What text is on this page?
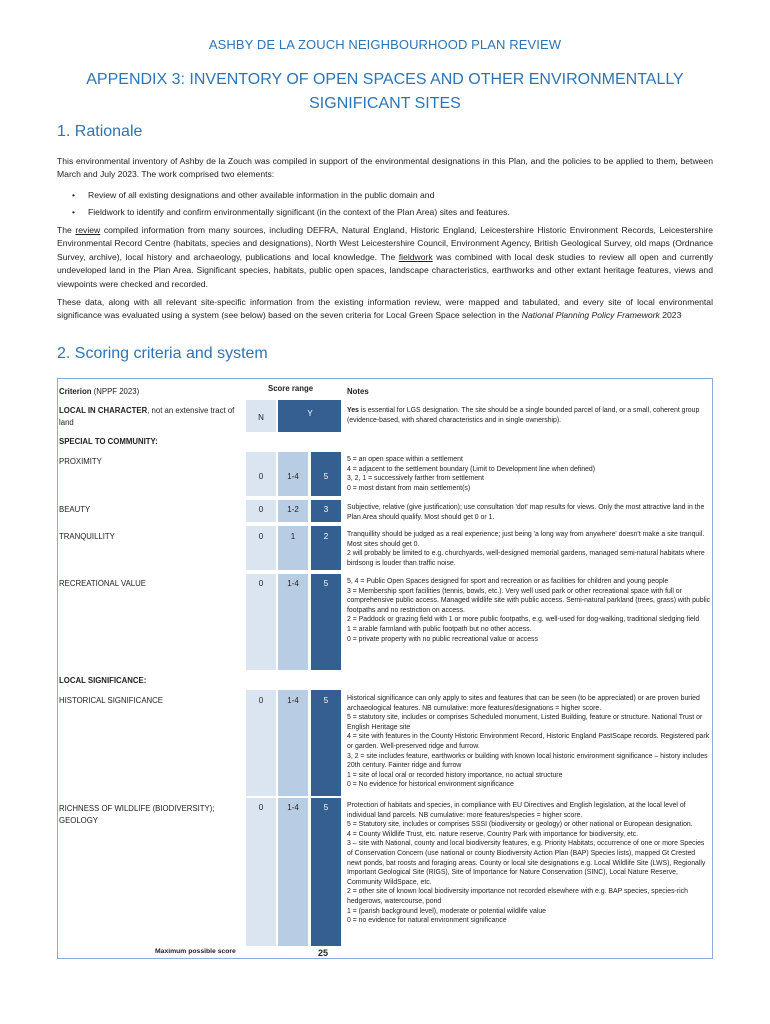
ASHBY DE LA ZOUCH NEIGHBOURHOOD PLAN REVIEW
APPENDIX 3: INVENTORY OF OPEN SPACES AND OTHER ENVIRONMENTALLY SIGNIFICANT SITES
1. Rationale
This environmental inventory of Ashby de la Zouch was compiled in support of the environmental designations in this Plan, and the policies to be applied to them, between March and July 2023. The work comprised two elements:
• Review of all existing designations and other available information in the public domain and
• Fieldwork to identify and confirm environmentally significant (in the context of the Plan Area) sites and features.
The review compiled information from many sources, including DEFRA, Natural England, Historic England, Leicestershire Historic Environment Records, Leicestershire Environmental Record Centre (habitats, species and designations), North West Leicestershire Council, Environment Agency, British Geological Survey, old maps (Ordnance Survey, archive), local history and archaeology, publications and local knowledge. The fieldwork was combined with local desk studies to review all open and currently undeveloped land in the Plan Area. Significant species, habitats, public open spaces, landscape characteristics, earthworks and other extant heritage features, views and viewpoints were checked and recorded.
These data, along with all relevant site-specific information from the existing information review, were mapped and tabulated, and every site of local environmental significance was evaluated using a system (see below) based on the seven criteria for Local Green Space selection in the National Planning Policy Framework 2023
2. Scoring criteria and system
Criterion (NPPF 2023)	Score range	Notes
LOCAL IN CHARACTER, not an extensive tract of land
N	Y	Yes is essential for LGS designation. The site should be a single bounded parcel of land, or a small, coherent group (evidence-based, with shared characteristics and in single ownership).
SPECIAL TO COMMUNITY:
PROXIMITY
0	1-4	5
5 = an open space within a settlement
4 = adjacent to the settlement boundary (Limit to Development line when defined)
3, 2, 1 = successively farther from settlement
0 = most distant from main settlement(s)
BEAUTY	0	1-2	3	Subjective, relative (give justification); use consultation 'dot' map results for views. Only the most attractive land in the Plan Area should qualify. Most should get 0 or 1.
TRANQUILLITY	0	1	2	Tranquillity should be judged as a real experience; just being 'a long way from anywhere' doesn't make a site tranquil. Most sites should get 0.
2 will probably be limited to e.g. churchyards, well-designed memorial gardens, managed semi-natural habitats where birdsong is louder than traffic noise.
RECREATIONAL VALUE	0	1-4	5	5, 4 = Public Open Spaces designed for sport and recreation or as facilities for children and young people
3 = Membership sport facilities (tennis, bowls, etc.). Very well used park or other recreational space with full or comprehensive public access. Managed wildlife site with public access. Semi-natural parkland (trees, grass) with public footpaths and no restriction on access.
2 = Paddock or grazing field with 1 or more public footpaths, e.g. well-used for dog-walking, traditional sledging field
1 = arable farmland with public footpath but no other access.
0 = private property with no public recreational value or access
LOCAL SIGNIFICANCE:
HISTORICAL SIGNIFICANCE	0	1-4	5	Historical significance can only apply to sites and features that can be seen (to be appreciated) or are proven buried archaeological features. NB cumulative: more features/designations = higher score.
5 = statutory site, includes or comprises Scheduled monument, Listed Building, feature or structure. National Trust or English Heritage site
4 = site with features in the County Historic Environment Record, Historic England PastScape records. Registered park or garden. Well-preserved ridge and furrow.
3, 2 = site includes feature, earthworks or building with known local historic environment significance – history includes 20th century. Fainter ridge and furrow
1 = site of local oral or recorded history importance, no actual structure
0 = No evidence for historical environment significance
RICHNESS OF WILDLIFE (BIODIVERSITY); GEOLOGY
0	1-4	5	Protection of habitats and species, in compliance with EU Directives and English legislation, at the local level of individual land parcels. NB cumulative: more features/species = higher score.
5 = Statutory site, includes or comprises SSSI (biodiversity or geology) or other national or European designation.
4 = County Wildlife Trust, etc. nature reserve, Country Park with importance for biodiversity, etc.
3 – site with National, county and local biodiversity features, e.g. Priority Habitats, occurrence of one or more Species of Conservation Concern (use national or county Biodiversity Action Plan (BAP) Species lists), mapped Gt Crested newt ponds, bat roosts and foraging areas. County or local site designations e.g. Local Wildlife Site (LWS), Regionally Important Geological Site (RIGS), Site of Importance for Nature Conservation (SINC), Local Nature Reserve, Community WildSpace, etc.
2 = other site of known local biodiversity importance not recorded elsewhere with e.g. BAP species, species-rich hedgerows, watercourse, pond
1 = (parish background level), moderate or potential wildlife value
0 = no evidence for natural environment significance
Maximum possible score	25
